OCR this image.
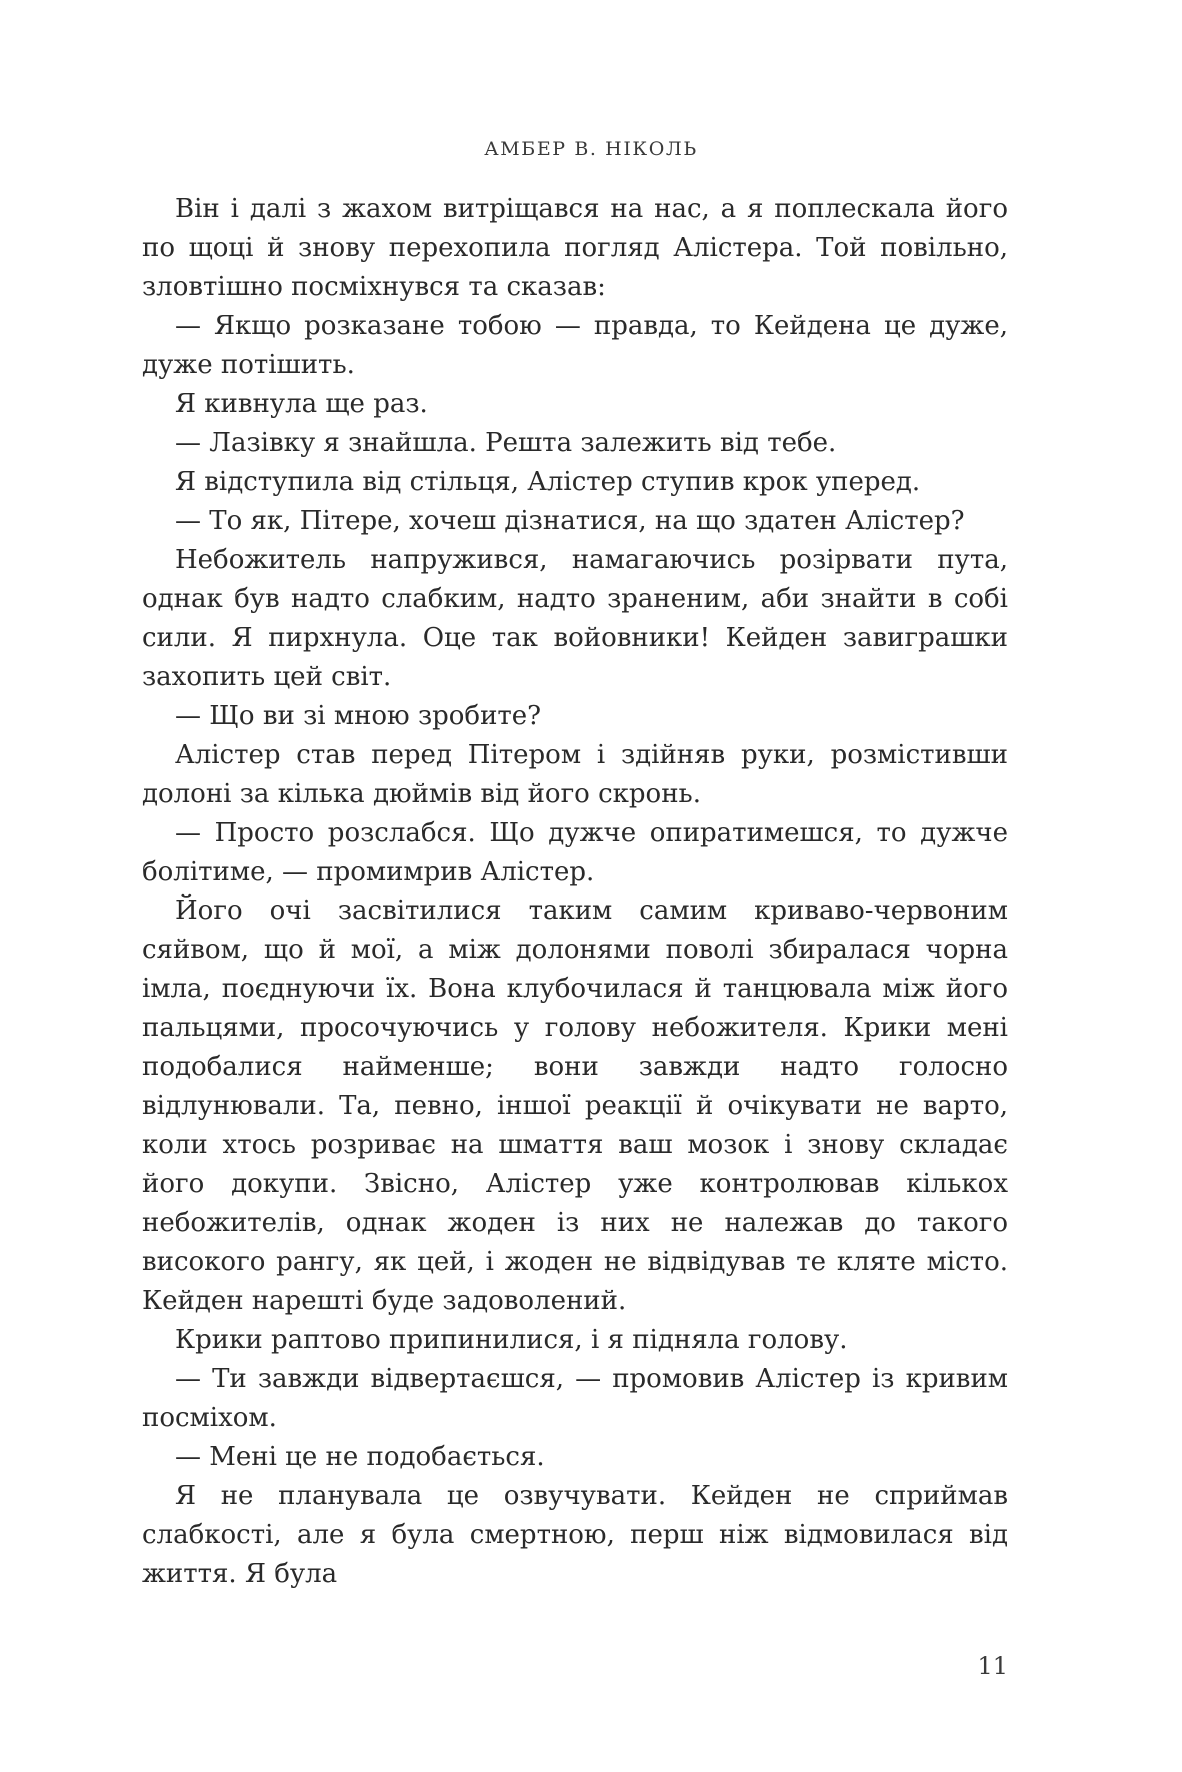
АМБЕР В. НІКОЛЬ

Він і далі з жахом витріщався на нас, а я поплескала його по щоці й знову перехопила погляд Алістера. Той повільно, зловтішно посміхнувся та сказав:

— Якщо розказане тобою — правда, то Кейдена це дуже, дуже потішить.

Я кивнула ще раз.

— Лазівку я знайшла. Решта залежить від тебе.

Я відступила від стільця, Алістер ступив крок уперед.

— То як, Пітере, хочеш дізнатися, на що здатен Алістер?

Небожитель напружився, намагаючись розірвати пута, однак був надто слабким, надто зраненим, аби знайти в собі сили. Я пирхнула. Оце так войовники! Кейден завиграшки захопить цей світ.

— Що ви зі мною зробите?

Алістер став перед Пітером і здійняв руки, розмістивши долоні за кілька дюймів від його скронь.

— Просто розслабся. Що дужче опиратимешся, то дужче болітиме, — промимрив Алістер.

Його очі засвітилися таким самим криваво-червоним сяйвом, що й мої, а між долонями поволі збиралася чорна імла, поєднуючи їх. Вона клубочилася й танцювала між його пальцями, просочуючись у голову небожителя. Крики мені подобалися найменше; вони завжди надто голосно відлунювали. Та, певно, іншої реакції й очікувати не варто, коли хтось розриває на шмаття ваш мозок і знову складає його докупи. Звісно, Алістер уже контролював кількох небожителів, однак жоден із них не належав до такого високого рангу, як цей, і жоден не відвідував те кляте місто. Кейден нарешті буде задоволений.

Крики раптово припинилися, і я підняла голову.

— Ти завжди відвертаєшся, — промовив Алістер із кривим посміхом.

— Мені це не подобається.

Я не планувала це озвучувати. Кейден не сприймав слабкості, але я була смертною, перш ніж відмовилася від життя. Я була

11
